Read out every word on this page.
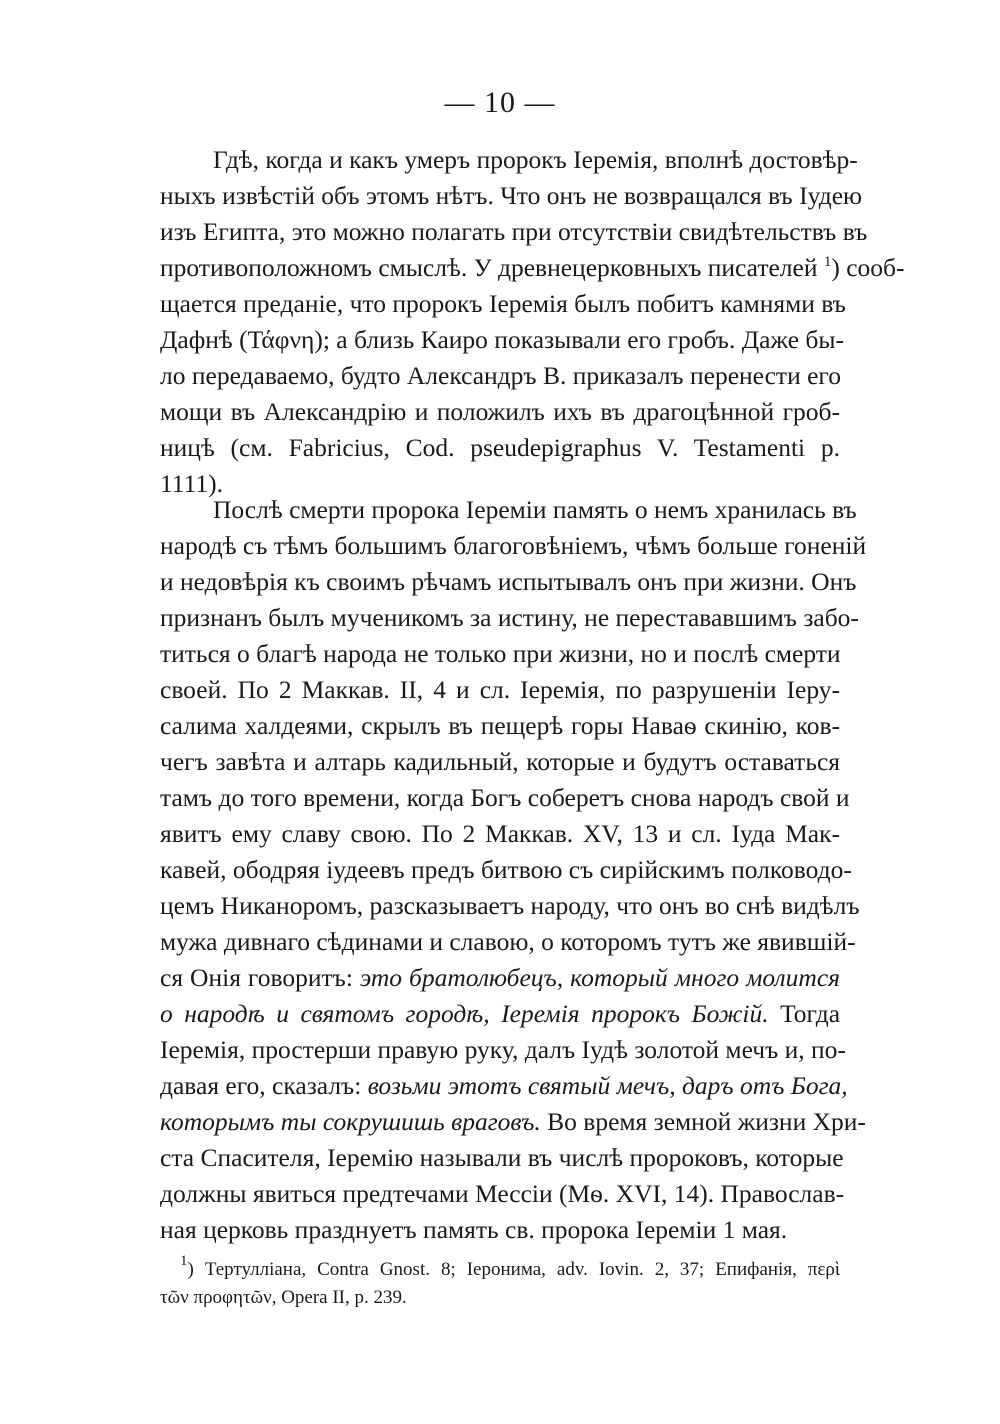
— 10 —
Гдѣ, когда и какъ умеръ пророкъ Іеремія, вполнѣ достовѣр-
ныхъ извѣстій объ этомъ нѣтъ. Что онъ не возвращался въ Іудею
изъ Египта, это можно полагать при отсутствіи свидѣтельствъ въ
противоположномъ смыслѣ. У древнецерковныхъ писателей $^1$) сооб-
щается преданіе, что пророкъ Іеремія былъ побитъ камнями въ
Дафнѣ (Τάφνη); а близь Каиро показывали его гробъ. Даже бы-
ло передаваемо, будто Александръ В. приказалъ перенести его
мощи въ Александрію и положилъ ихъ въ драгоцѣнной гроб-
ницѣ (см. Fabricius, Cod. pseudepigraphus V. Testamenti p.
1111).
Послѣ смерти пророка Іереміи память о немъ хранилась въ
народѣ съ тѣмъ большимъ благоговѣніемъ, чѣмъ больше гоненій
и недовѣрія къ своимъ рѣчамъ испытывалъ онъ при жизни. Онъ
признанъ былъ мученикомъ за истину, не перестававшимъ забо-
титься о благѣ народа не только при жизни, но и послѣ смерти
своей. По 2 Маккав. II, 4 и сл. Іеремія, по разрушеніи Іеру-
салима халдеями, скрылъ въ пещерѣ горы Наваѳ скинію, ков-
чегъ завѣта и алтарь кадильный, которые и будутъ оставаться
тамъ до того времени, когда Богъ соберетъ снова народъ свой и
явитъ ему славу свою. По 2 Маккав. XV, 13 и сл. Іуда Мак-
кавей, ободряя іудеевъ предъ битвою съ сирійскимъ полководо-
цемъ Никаноромъ, разсказываетъ народу, что онъ во снѣ видѣлъ
мужа дивнаго сѣдинами и славою, о которомъ тутъ же явившій-
ся Онія говоритъ: это братолюбецъ, который много молится
о народѣ и святомъ городѣ, Іеремія пророкъ Божій. Тогда
Іеремія, простерши правую руку, далъ Іудѣ золотой мечъ и, по-
давая его, сказалъ: возьми этотъ святый мечъ, даръ отъ Бога,
которымъ ты сокрушишь враговъ. Во время земной жизни Хри-
ста Спасителя, Іеремію называли въ числѣ пророковъ, которые
должны явиться предтечами Мессіи (Мѳ. XVI, 14). Православ-
ная церковь празднуетъ память св. пророка Іереміи 1 мая.
$^1$) Тертулліана, Contra Gnost. 8; Іеронима, adv. Iovin. 2, 37; Епифанія, περὶ
τῶν προφητῶν, Opera II, p. 239.
